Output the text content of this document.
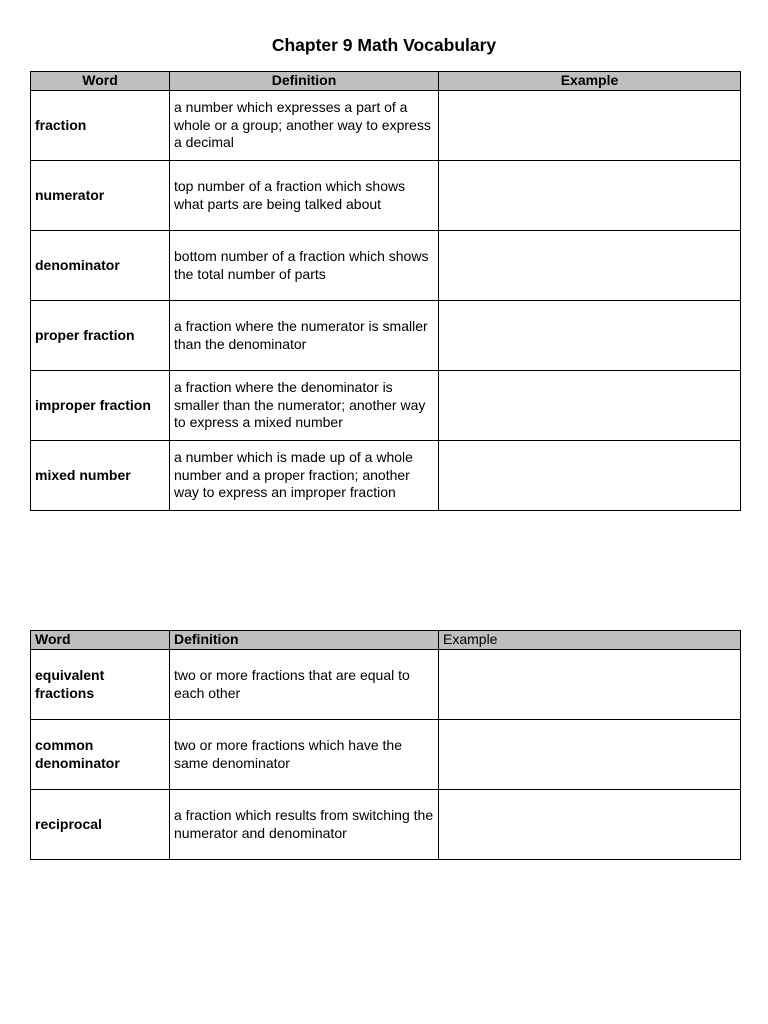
Chapter 9 Math Vocabulary
Word	Definition	Example
fraction	a number which expresses a part of a whole or a group; another way to express a decimal	
numerator	top number of a fraction which shows what parts are being talked about	
denominator	bottom number of a fraction which shows the total number of parts	
proper fraction	a fraction where the numerator is smaller than the denominator	
improper fraction	a fraction where the denominator is smaller than the numerator; another way to express a mixed number	
mixed number	a number which is made up of a whole number and a proper fraction; another way to express an improper fraction	
Word	Definition	Example
equivalent fractions	two or more fractions that are equal to each other	
common denominator	two or more fractions which have the same denominator	
reciprocal	a fraction which results from switching the numerator and denominator	
